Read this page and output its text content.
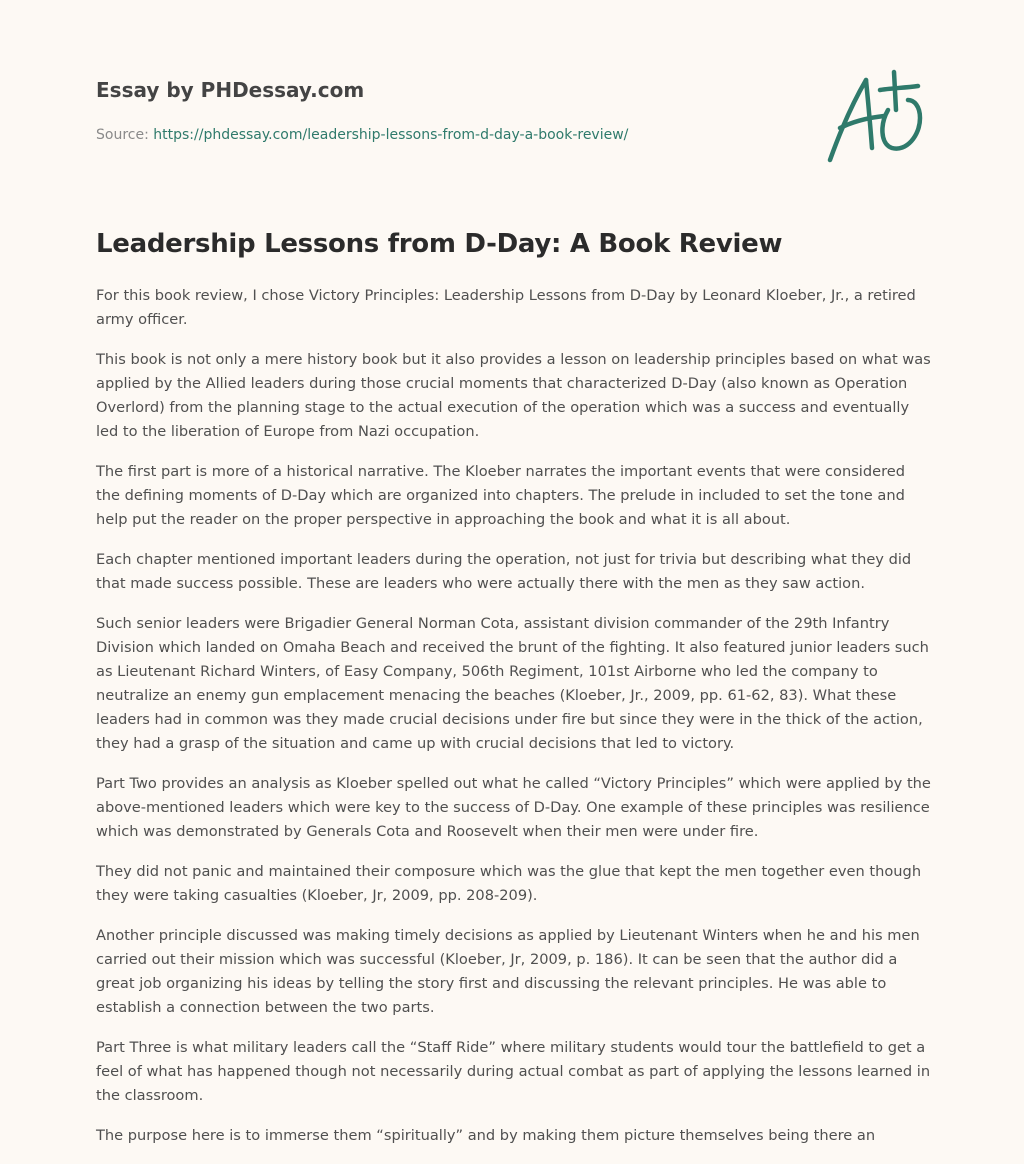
Essay by PHDessay.com
Source: https://phdessay.com/leadership-lessons-from-d-day-a-book-review/
Leadership Lessons from D-Day: A Book Review

For this book review, I chose Victory Principles: Leadership Lessons from D-Day by Leonard Kloeber, Jr., a retired army officer.

This book is not only a mere history book but it also provides a lesson on leadership principles based on what was applied by the Allied leaders during those crucial moments that characterized D-Day (also known as Operation Overlord) from the planning stage to the actual execution of the operation which was a success and eventually led to the liberation of Europe from Nazi occupation.

The first part is more of a historical narrative. The Kloeber narrates the important events that were considered the defining moments of D-Day which are organized into chapters. The prelude in included to set the tone and help put the reader on the proper perspective in approaching the book and what it is all about.

Each chapter mentioned important leaders during the operation, not just for trivia but describing what they did that made success possible. These are leaders who were actually there with the men as they saw action.

Such senior leaders were Brigadier General Norman Cota, assistant division commander of the 29th Infantry Division which landed on Omaha Beach and received the brunt of the fighting. It also featured junior leaders such as Lieutenant Richard Winters, of Easy Company, 506th Regiment, 101st Airborne who led the company to neutralize an enemy gun emplacement menacing the beaches (Kloeber, Jr., 2009, pp. 61-62, 83). What these leaders had in common was they made crucial decisions under fire but since they were in the thick of the action, they had a grasp of the situation and came up with crucial decisions that led to victory.

Part Two provides an analysis as Kloeber spelled out what he called “Victory Principles” which were applied by the above-mentioned leaders which were key to the success of D-Day. One example of these principles was resilience which was demonstrated by Generals Cota and Roosevelt when their men were under fire.

They did not panic and maintained their composure which was the glue that kept the men together even though they were taking casualties (Kloeber, Jr, 2009, pp. 208-209).

Another principle discussed was making timely decisions as applied by Lieutenant Winters when he and his men carried out their mission which was successful (Kloeber, Jr, 2009, p. 186). It can be seen that the author did a great job organizing his ideas by telling the story first and discussing the relevant principles. He was able to establish a connection between the two parts.

Part Three is what military leaders call the “Staff Ride” where military students would tour the battlefield to get a feel of what has happened though not necessarily during actual combat as part of applying the lessons learned in the classroom.

The purpose here is to immerse them “spiritually” and by making them picture themselves being there an
